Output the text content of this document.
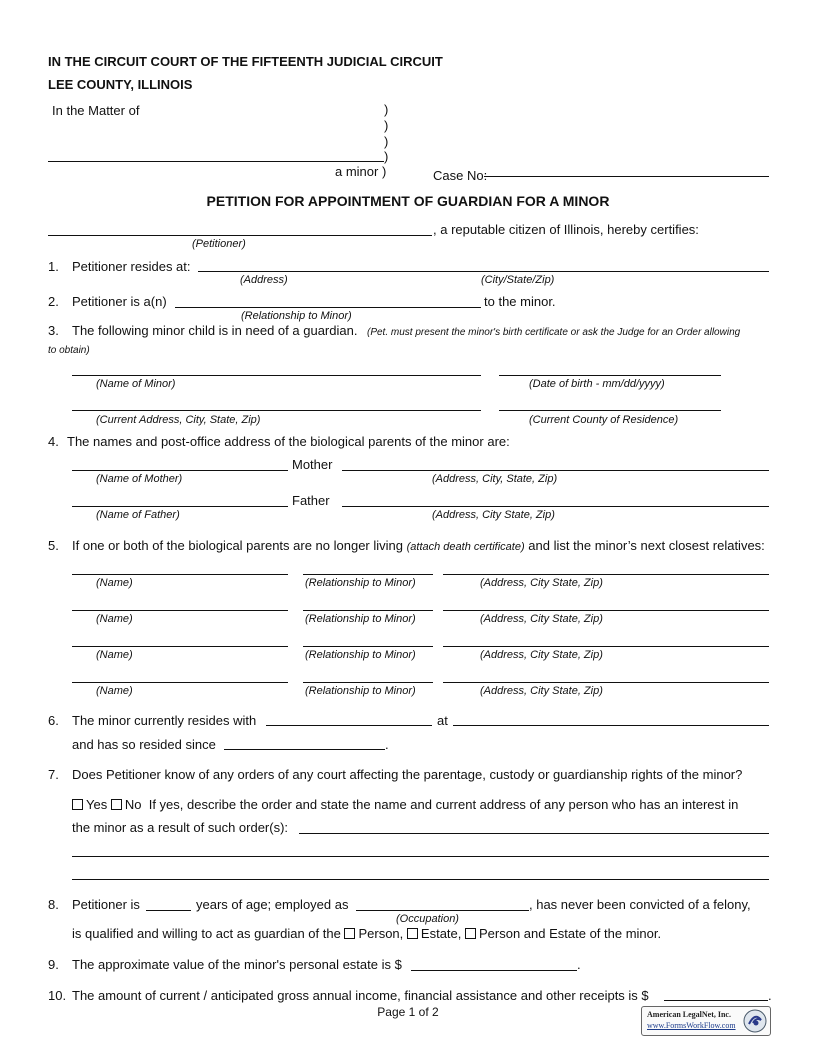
IN THE CIRCUIT COURT OF THE FIFTEENTH JUDICIAL CIRCUIT
LEE COUNTY, ILLINOIS
In the Matter of	)
)
)
)
a minor )	Case No:
PETITION FOR APPOINTMENT OF GUARDIAN FOR A MINOR
, a reputable citizen of Illinois, hereby certifies:
(Petitioner)
1. Petitioner resides at:
(Address)	(City/State/Zip)
2. Petitioner is a(n)	to the minor.
(Relationship to Minor)
3. The following minor child is in need of a guardian. (Pet. must present the minor's birth certificate or ask the Judge for an Order allowing
to obtain)
(Name of Minor)	(Date of birth - mm/dd/yyyy)
(Current Address, City, State, Zip)	(Current County of Residence)
4. The names and post-office address of the biological parents of the minor are:
Mother
(Name of Mother)	(Address, City, State, Zip)
Father
(Name of Father)	(Address, City State, Zip)
5. If one or both of the biological parents are no longer living (attach death certificate) and list the minor’s next closest relatives:
(Name)	(Relationship to Minor)	(Address, City State, Zip)
(Name)	(Relationship to Minor)	(Address, City State, Zip)
(Name)	(Relationship to Minor)	(Address, City State, Zip)
(Name)	(Relationship to Minor)	(Address, City State, Zip)
6. The minor currently resides with	at
and has so resided since	.
7. Does Petitioner know of any orders of any court affecting the parentage, custody or guardianship rights of the minor?
Yes No If yes, describe the order and state the name and current address of any person who has an interest in
the minor as a result of such order(s):
8. Petitioner is	years of age; employed as	, has never been convicted of a felony,
(Occupation)
is qualified and willing to act as guardian of the Person, Estate, Person and Estate of the minor.
9. The approximate value of the minor's personal estate is $	.
10. The amount of current / anticipated gross annual income, financial assistance and other receipts is $	.
Page 1 of 2	American LegalNet, Inc.
www.FormsWorkFlow.com
